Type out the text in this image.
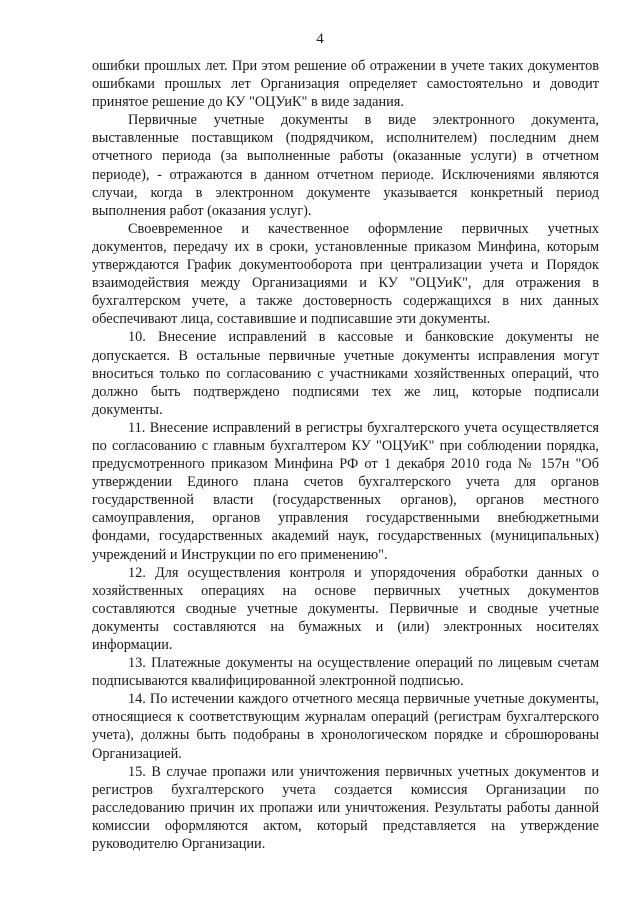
4

ошибки прошлых лет. При этом решение об отражении в учете таких документов ошибками прошлых лет Организация определяет самостоятельно и доводит принятое решение до КУ "ОЦУиК" в виде задания.

Первичные учетные документы в виде электронного документа, выставленные поставщиком (подрядчиком, исполнителем) последним днем отчетного периода (за выполненные работы (оказанные услуги) в отчетном периоде), - отражаются в данном отчетном периоде. Исключениями являются случаи, когда в электронном документе указывается конкретный период выполнения работ (оказания услуг).

Своевременное и качественное оформление первичных учетных документов, передачу их в сроки, установленные приказом Минфина, которым утверждаются График документооборота при централизации учета и Порядок взаимодействия между Организациями и КУ "ОЦУиК", для отражения в бухгалтерском учете, а также достоверность содержащихся в них данных обеспечивают лица, составившие и подписавшие эти документы.

10. Внесение исправлений в кассовые и банковские документы не допускается. В остальные первичные учетные документы исправления могут вноситься только по согласованию с участниками хозяйственных операций, что должно быть подтверждено подписями тех же лиц, которые подписали документы.

11. Внесение исправлений в регистры бухгалтерского учета осуществляется по согласованию с главным бухгалтером КУ "ОЦУиК" при соблюдении порядка, предусмотренного приказом Минфина РФ от 1 декабря 2010 года № 157н "Об утверждении Единого плана счетов бухгалтерского учета для органов государственной власти (государственных органов), органов местного самоуправления, органов управления государственными внебюджетными фондами, государственных академий наук, государственных (муниципальных) учреждений и Инструкции по его применению".

12. Для осуществления контроля и упорядочения обработки данных о хозяйственных операциях на основе первичных учетных документов составляются сводные учетные документы. Первичные и сводные учетные документы составляются на бумажных и (или) электронных носителях информации.

13. Платежные документы на осуществление операций по лицевым счетам подписываются квалифицированной электронной подписью.

14. По истечении каждого отчетного месяца первичные учетные документы, относящиеся к соответствующим журналам операций (регистрам бухгалтерского учета), должны быть подобраны в хронологическом порядке и сброшюрованы Организацией.

15. В случае пропажи или уничтожения первичных учетных документов и регистров бухгалтерского учета создается комиссия Организации по расследованию причин их пропажи или уничтожения. Результаты работы данной комиссии оформляются актом, который представляется на утверждение руководителю Организации.
